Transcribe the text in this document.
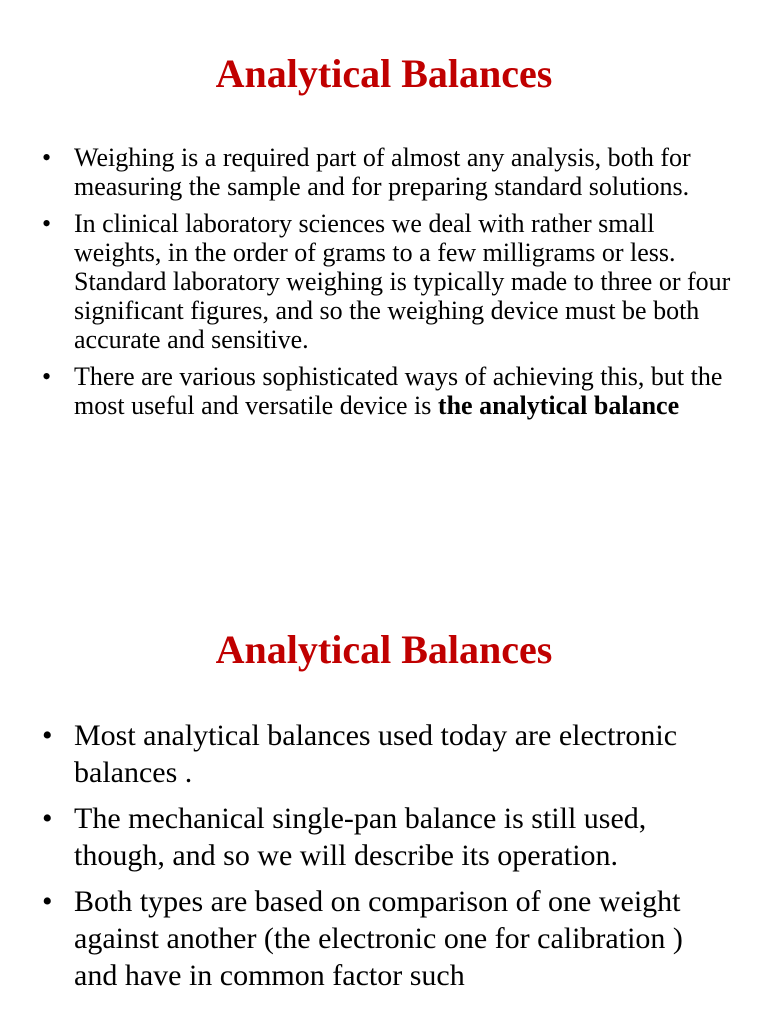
Analytical Balances
• Weighing is a required part of almost any analysis, both for measuring the sample and for preparing standard solutions.
• In clinical laboratory sciences we deal with rather small weights, in the order of grams to a few milligrams or less. Standard laboratory weighing is typically made to three or four significant figures, and so the weighing device must be both accurate and sensitive.
• There are various sophisticated ways of achieving this, but the most useful and versatile device is the analytical balance
Analytical Balances
• Most analytical balances used today are electronic balances .
• The mechanical single-pan balance is still used, though, and so we will describe its operation.
• Both types are based on comparison of one weight against another (the electronic one for calibration ) and have in common factor such
